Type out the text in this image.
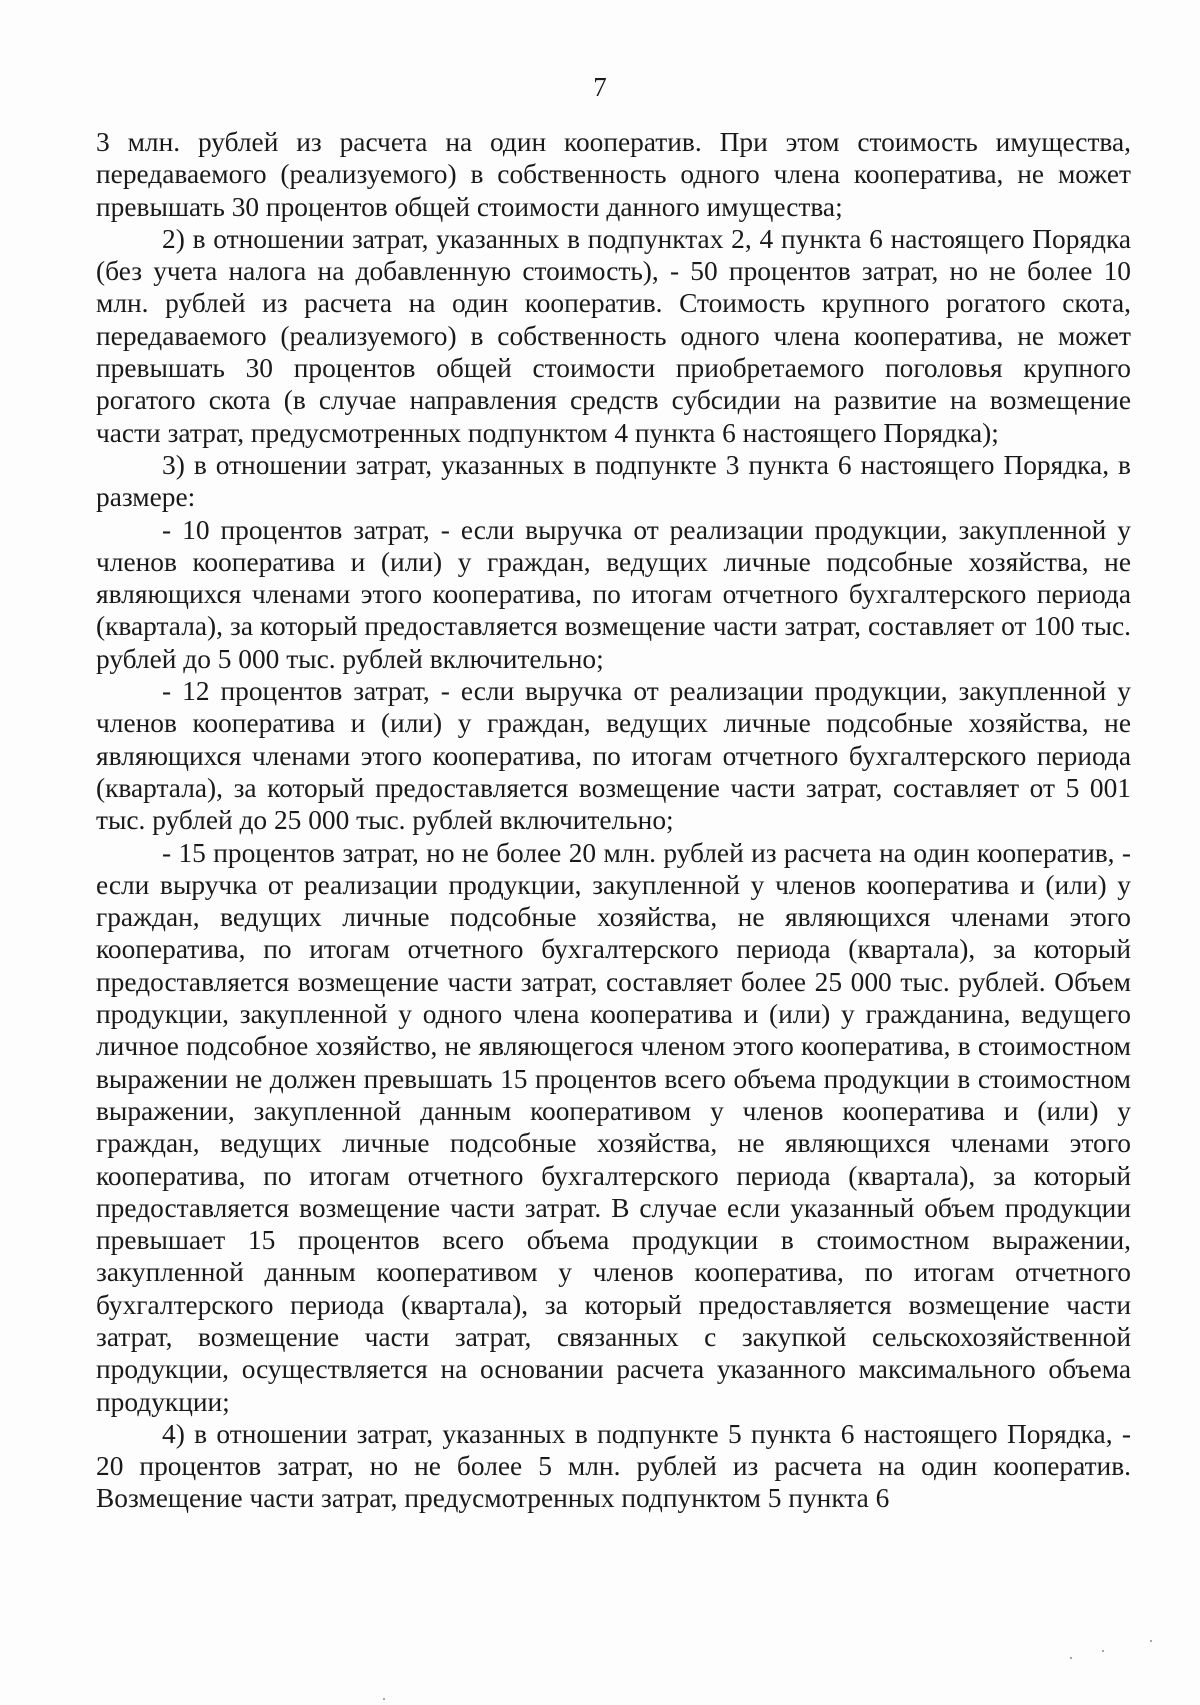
7

3 млн. рублей из расчета на один кооператив. При этом стоимость имущества, передаваемого (реализуемого) в собственность одного члена кооператива, не может превышать 30 процентов общей стоимости данного имущества;

2) в отношении затрат, указанных в подпунктах 2, 4 пункта 6 настоящего Порядка (без учета налога на добавленную стоимость), - 50 процентов затрат, но не более 10 млн. рублей из расчета на один кооператив. Стоимость крупного рогатого скота, передаваемого (реализуемого) в собственность одного члена кооператива, не может превышать 30 процентов общей стоимости приобретаемого поголовья крупного рогатого скота (в случае направления средств субсидии на развитие на возмещение части затрат, предусмотренных подпунктом 4 пункта 6 настоящего Порядка);

3) в отношении затрат, указанных в подпункте 3 пункта 6 настоящего Порядка, в размере:

- 10 процентов затрат, - если выручка от реализации продукции, закупленной у членов кооператива и (или) у граждан, ведущих личные подсобные хозяйства, не являющихся членами этого кооператива, по итогам отчетного бухгалтерского периода (квартала), за который предоставляется возмещение части затрат, составляет от 100 тыс. рублей до 5 000 тыс. рублей включительно;

- 12 процентов затрат, - если выручка от реализации продукции, закупленной у членов кооператива и (или) у граждан, ведущих личные подсобные хозяйства, не являющихся членами этого кооператива, по итогам отчетного бухгалтерского периода (квартала), за который предоставляется возмещение части затрат, составляет от 5 001 тыс. рублей до 25 000 тыс. рублей включительно;

- 15 процентов затрат, но не более 20 млн. рублей из расчета на один кооператив, - если выручка от реализации продукции, закупленной у членов кооператива и (или) у граждан, ведущих личные подсобные хозяйства, не являющихся членами этого кооператива, по итогам отчетного бухгалтерского периода (квартала), за который предоставляется возмещение части затрат, составляет более 25 000 тыс. рублей. Объем продукции, закупленной у одного члена кооператива и (или) у гражданина, ведущего личное подсобное хозяйство, не являющегося членом этого кооператива, в стоимостном выражении не должен превышать 15 процентов всего объема продукции в стоимостном выражении, закупленной данным кооперативом у членов кооператива и (или) у граждан, ведущих личные подсобные хозяйства, не являющихся членами этого кооператива, по итогам отчетного бухгалтерского периода (квартала), за который предоставляется возмещение части затрат. В случае если указанный объем продукции превышает 15 процентов всего объема продукции в стоимостном выражении, закупленной данным кооперативом у членов кооператива, по итогам отчетного бухгалтерского периода (квартала), за который предоставляется возмещение части затрат, возмещение части затрат, связанных с закупкой сельскохозяйственной продукции, осуществляется на основании расчета указанного максимального объема продукции;

4) в отношении затрат, указанных в подпункте 5 пункта 6 настоящего Порядка, - 20 процентов затрат, но не более 5 млн. рублей из расчета на один кооператив. Возмещение части затрат, предусмотренных подпунктом 5 пункта 6
